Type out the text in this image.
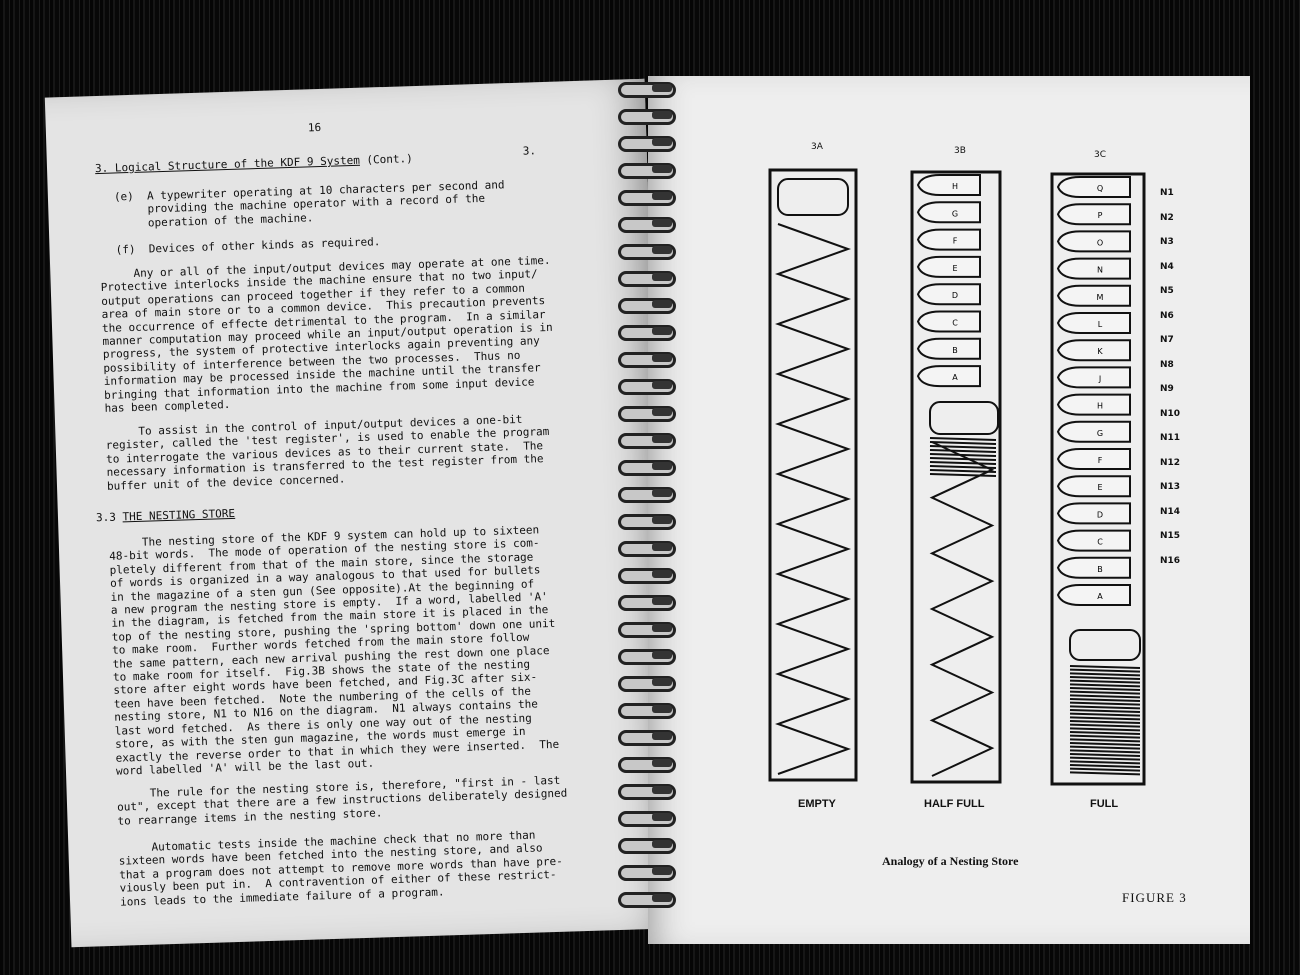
16
3.
3. Logical Structure of the KDF 9 System (Cont.)
(e)  A typewriter operating at 10 characters per second and
providing the machine operator with a record of the
operation of the machine.
(f)  Devices of other kinds as required.
Any or all of the input/output devices may operate at one time.
Protective interlocks inside the machine ensure that no two input/
output operations can proceed together if they refer to a common
area of main store or to a common device.  This precaution prevents
the occurrence of effecte detrimental to the program.  In a similar
manner computation may proceed while an input/output operation is in
progress, the system of protective interlocks again preventing any
possibility of interference between the two processes.  Thus no
information may be processed inside the machine until the transfer
bringing that information into the machine from some input device
has been completed.
To assist in the control of input/output devices a one-bit
register, called the 'test register', is used to enable the program
to interrogate the various devices as to their current state.  The
necessary information is transferred to the test register from the
buffer unit of the device concerned.
3.3 THE NESTING STORE
The nesting store of the KDF 9 system can hold up to sixteen
48-bit words.  The mode of operation of the nesting store is com-
pletely different from that of the main store, since the storage
of words is organized in a way analogous to that used for bullets
in the magazine of a sten gun (See opposite).At the beginning of
a new program the nesting store is empty.  If a word, labelled 'A'
in the diagram, is fetched from the main store it is placed in the
top of the nesting store, pushing the 'spring bottom' down one unit
to make room.  Further words fetched from the main store follow
the same pattern, each new arrival pushing the rest down one place
to make room for itself.  Fig.3B shows the state of the nesting
store after eight words have been fetched, and Fig.3C after six-
teen have been fetched.  Note the numbering of the cells of the
nesting store, N1 to N16 on the diagram.  N1 always contains the
last word fetched.  As there is only one way out of the nesting
store, as with the sten gun magazine, the words must emerge in
exactly the reverse order to that in which they were inserted.  The
word labelled 'A' will be the last out.
The rule for the nesting store is, therefore, "first in - last
out", except that there are a few instructions deliberately designed
to rearrange items in the nesting store.
Automatic tests inside the machine check that no more than
sixteen words have been fetched into the nesting store, and also
that a program does not attempt to remove more words than have pre-
viously been put in.  A contravention of either of these restrict-
ions leads to the immediate failure of a program.
3A	3B	3C
H
G
F
E
D
C
B
A
Q
P
O
N
M
L
K
J
H
G
F
E
D
C
B
A
N1
N2
N3
N4
N5
N6
N7
N8
N9
N10
N11
N12
N13
N14
N15
N16
EMPTY	HALF FULL	FULL
Analogy of a Nesting Store
FIGURE 3
